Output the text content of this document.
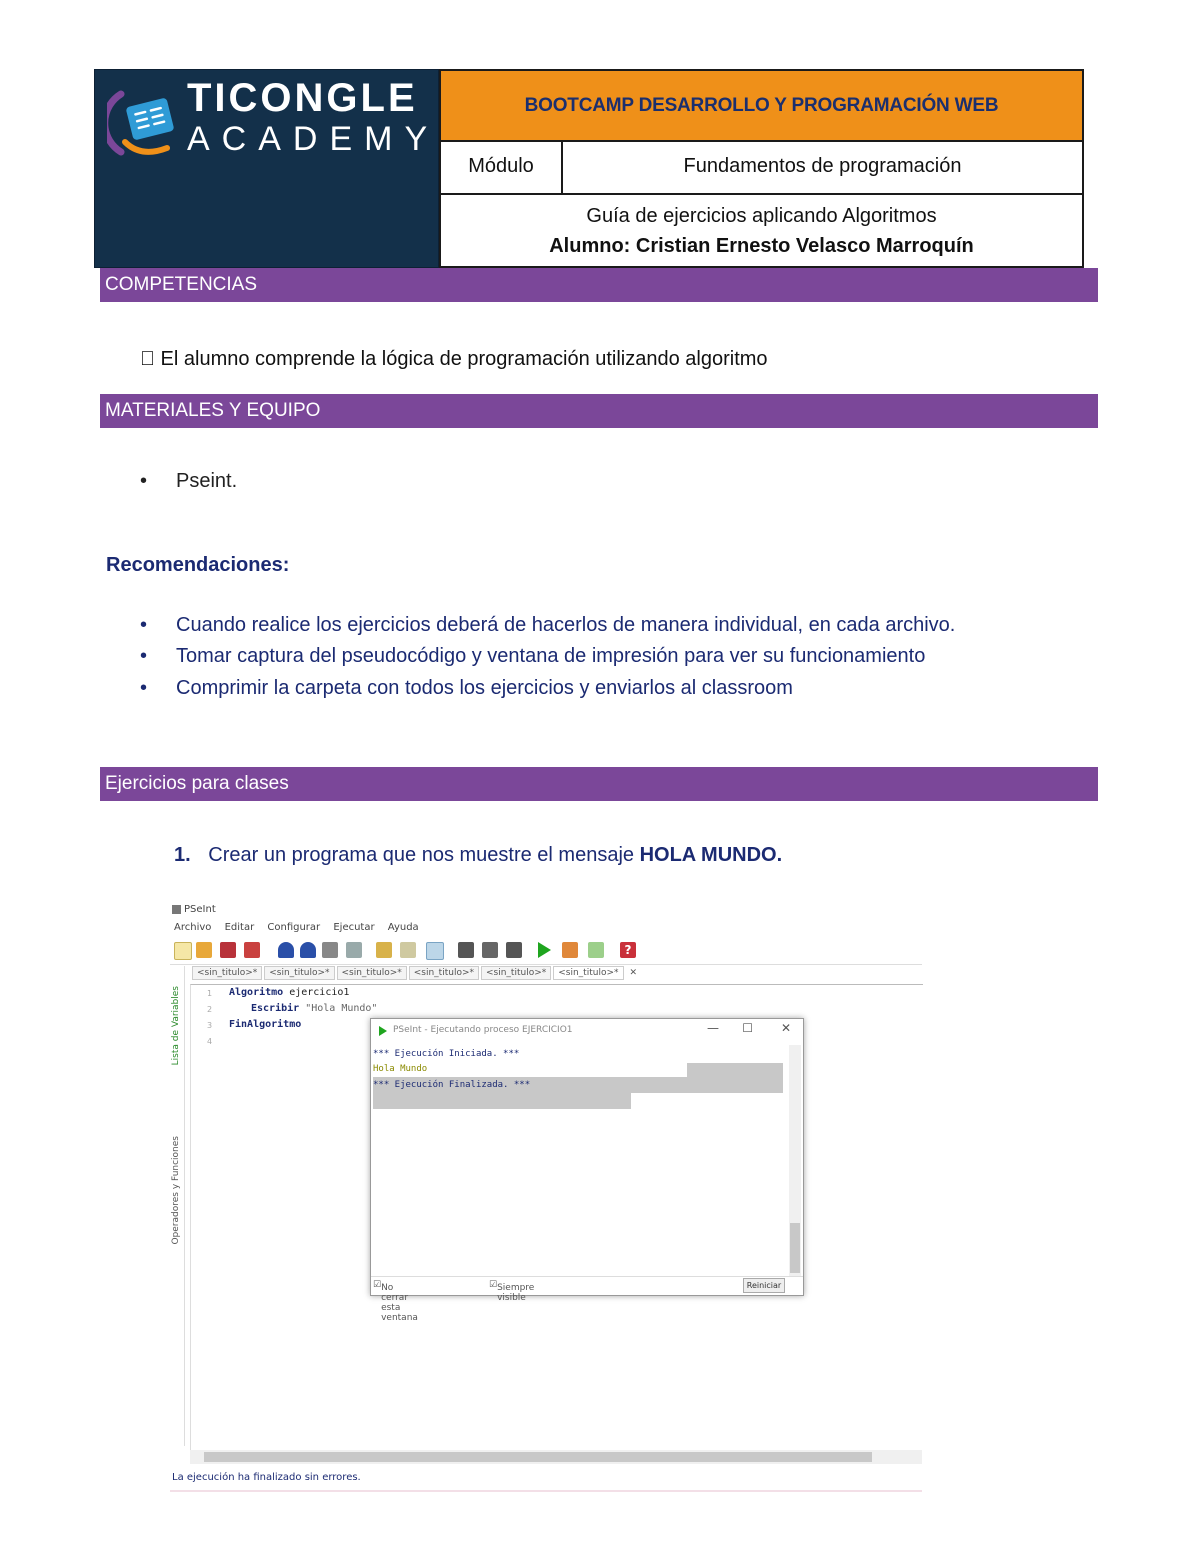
TICONGLE
ACADEMY
BOOTCAMP DESARROLLO Y PROGRAMACIÓN WEB
Módulo	Fundamentos de programación
Guía de ejercicios aplicando Algoritmos
Alumno: Cristian Ernesto Velasco Marroquín
COMPETENCIAS
El alumno comprende la lógica de programación utilizando algoritmo
MATERIALES Y EQUIPO
• Pseint.
Recomendaciones:
• Cuando realice los ejercicios deberá de hacerlos de manera individual, en cada archivo.
• Tomar captura del pseudocódigo y ventana de impresión para ver su funcionamiento
• Comprimir la carpeta con todos los ejercicios y enviarlos al classroom
Ejercicios para clases
1. Crear un programa que nos muestre el mensaje HOLA MUNDO.
PSeInt
Archivo Editar Configurar Ejecutar Ayuda
?
<sin_titulo>* <sin_titulo>* <sin_titulo>* <sin_titulo>* <sin_titulo>* <sin_titulo>* ✕
Lista de Variables
Operadores y Funciones
1 Algoritmo ejercicio1
2	Escribir "Hola Mundo"
3 FinAlgoritmo
4
PSeInt - Ejecutando proceso EJERCICIO1	— ☐ ✕
*** Ejecución Iniciada. ***
Hola Mundo
*** Ejecución Finalizada. ***
☑ No cerrar esta ventana
☑ Siempre visible
Reiniciar
La ejecución ha finalizado sin errores.
